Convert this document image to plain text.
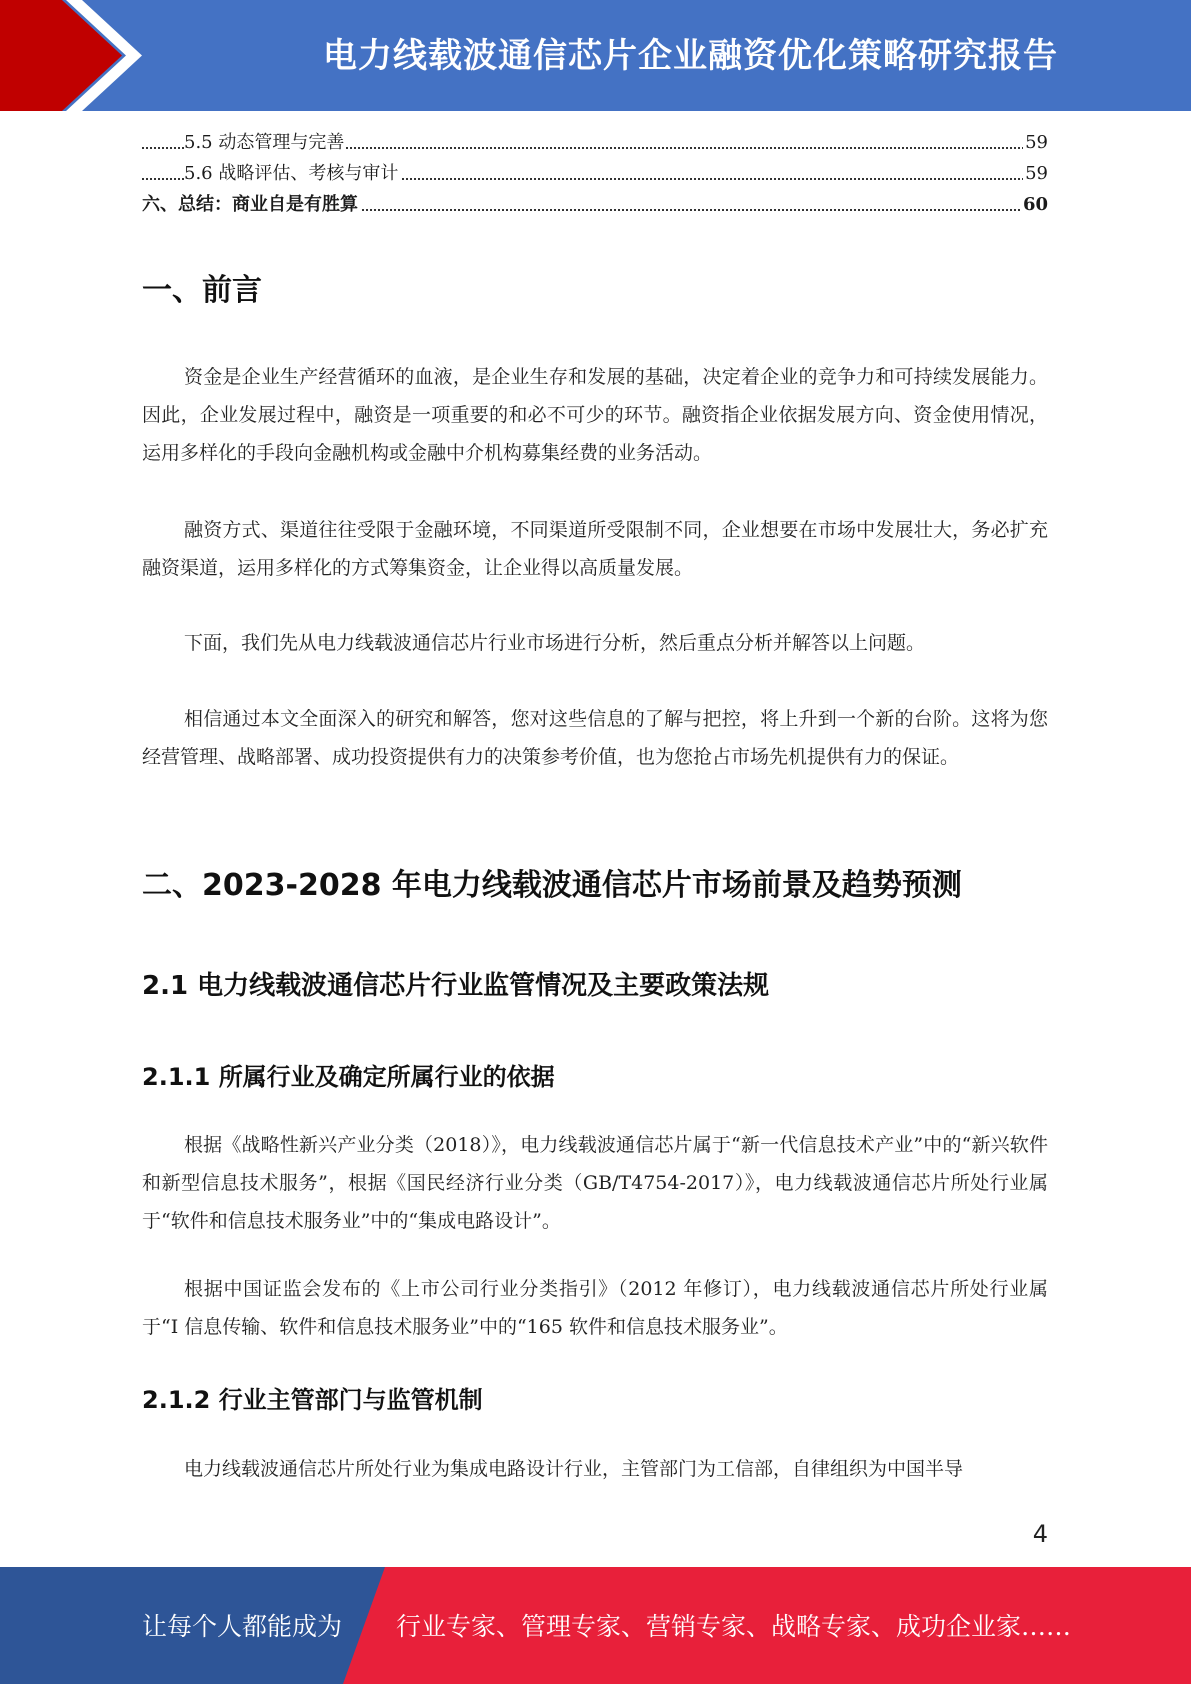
电力线载波通信芯片企业融资优化策略研究报告
5.5 动态管理与完善	59
5.6 战略评估、考核与审计	59
六、总结：商业自是有胜算	60
一、前言

资金是企业生产经营循环的血液，是企业生存和发展的基础，决定着企业的竞争力和可持续发展能力。因此，企业发展过程中，融资是一项重要的和必不可少的环节。融资指企业依据发展方向、资金使用情况，运用多样化的手段向金融机构或金融中介机构募集经费的业务活动。

融资方式、渠道往往受限于金融环境，不同渠道所受限制不同，企业想要在市场中发展壮大，务必扩充融资渠道，运用多样化的方式筹集资金，让企业得以高质量发展。

下面，我们先从电力线载波通信芯片行业市场进行分析，然后重点分析并解答以上问题。

相信通过本文全面深入的研究和解答，您对这些信息的了解与把控，将上升到一个新的台阶。这将为您经营管理、战略部署、成功投资提供有力的决策参考价值，也为您抢占市场先机提供有力的保证。

二、2023-2028 年电力线载波通信芯片市场前景及趋势预测
2.1 电力线载波通信芯片行业监管情况及主要政策法规
2.1.1 所属行业及确定所属行业的依据

根据《战略性新兴产业分类（2018）》，电力线载波通信芯片属于“新一代信息技术产业”中的“新兴软件和新型信息技术服务”，根据《国民经济行业分类（GB/T4754-2017）》，电力线载波通信芯片所处行业属于“软件和信息技术服务业”中的“集成电路设计”。

根据中国证监会发布的《上市公司行业分类指引》（2012 年修订），电力线载波通信芯片所处行业属于“I 信息传输、软件和信息技术服务业”中的“165 软件和信息技术服务业”。

2.1.2 行业主管部门与监管机制

电力线载波通信芯片所处行业为集成电路设计行业，主管部门为工信部，自律组织为中国半导

4
让每个人都能成为 行业专家、管理专家、营销专家、战略专家、成功企业家……
